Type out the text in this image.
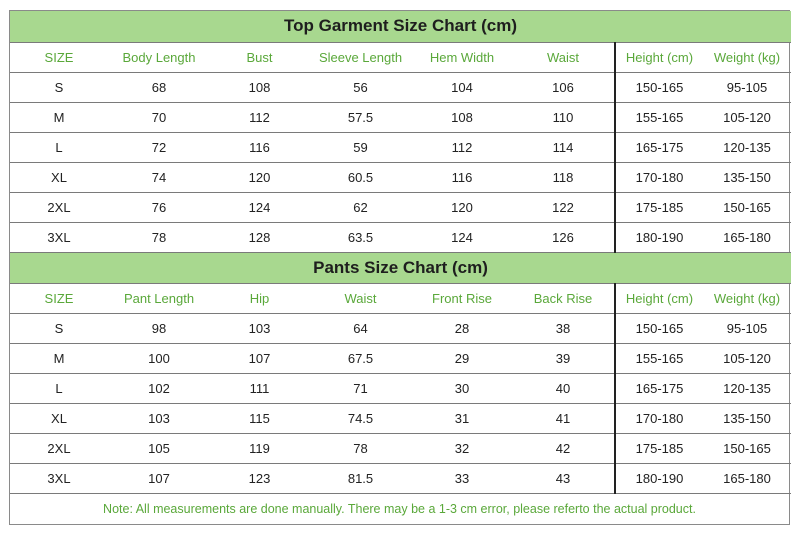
Top Garment Size Chart (cm)							
SIZE	Body Length	Bust	Sleeve Length	Hem Width	Waist	Height (cm)	Weight (kg)
S	68	108	56	104	106	150-165	95-105
M	70	112	57.5	108	110	155-165	105-120
L	72	116	59	112	114	165-175	120-135
XL	74	120	60.5	116	118	170-180	135-150
2XL	76	124	62	120	122	175-185	150-165
3XL	78	128	63.5	124	126	180-190	165-180
Pants Size Chart (cm)							
SIZE	Pant Length	Hip	Waist	Front Rise	Back Rise	Height (cm)	Weight (kg)
S	98	103	64	28	38	150-165	95-105
M	100	107	67.5	29	39	155-165	105-120
L	102	111	71	30	40	165-175	120-135
XL	103	115	74.5	31	41	170-180	135-150
2XL	105	119	78	32	42	175-185	150-165
3XL	107	123	81.5	33	43	180-190	165-180
Note: All measurements are done manually. There may be a 1-3 cm error, please referto the actual product.
